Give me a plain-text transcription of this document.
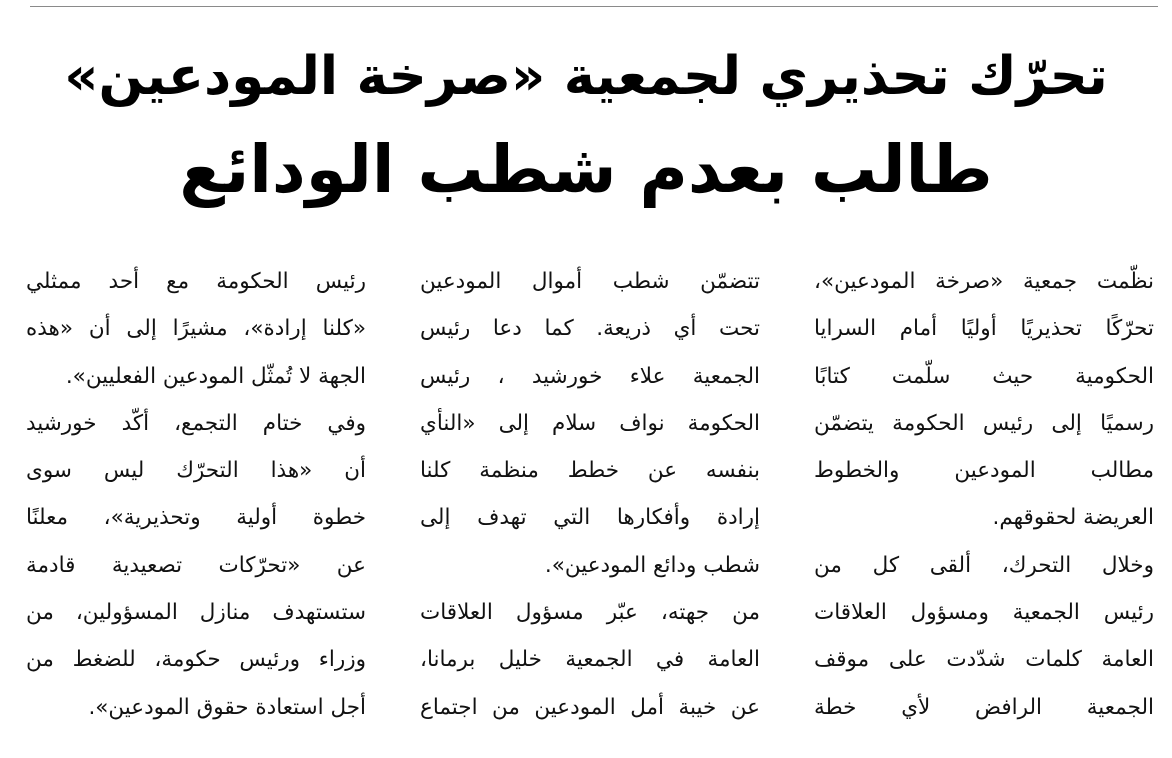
تحرّك تحذيري لجمعية «صرخة المودعين»
طالب بعدم شطب الودائع
نظّمت جمعية «صرخة المودعين»،
تحرّكًا تحذيريًا أوليًا أمام السرايا
الحكومية حيث سلّمت كتابًا
رسميًا إلى رئيس الحكومة يتضمّن
مطالب المودعين والخطوط
العريضة لحقوقهم.
وخلال التحرك، ألقى كل من
رئيس الجمعية ومسؤول العلاقات
العامة كلمات شدّدت على موقف
الجمعية الرافض لأي خطة
تتضمّن شطب أموال المودعين
تحت أي ذريعة. كما دعا رئيس
الجمعية علاء خورشيد ، رئيس
الحكومة نواف سلام إلى «النأي
بنفسه عن خطط منظمة كلنا
إرادة وأفكارها التي تهدف إلى
شطب ودائع المودعين».
من جهته، عبّر مسؤول العلاقات
العامة في الجمعية خليل برمانا،
عن خيبة أمل المودعين من اجتماع
رئيس الحكومة مع أحد ممثلي
«كلنا إرادة»، مشيرًا إلى أن «هذه
الجهة لا تُمثّل المودعين الفعليين».
وفي ختام التجمع، أكّد خورشيد
أن «هذا التحرّك ليس سوى
خطوة أولية وتحذيرية»، معلنًا
عن «تحرّكات تصعيدية قادمة
ستستهدف منازل المسؤولين، من
وزراء ورئيس حكومة، للضغط من
أجل استعادة حقوق المودعين».
